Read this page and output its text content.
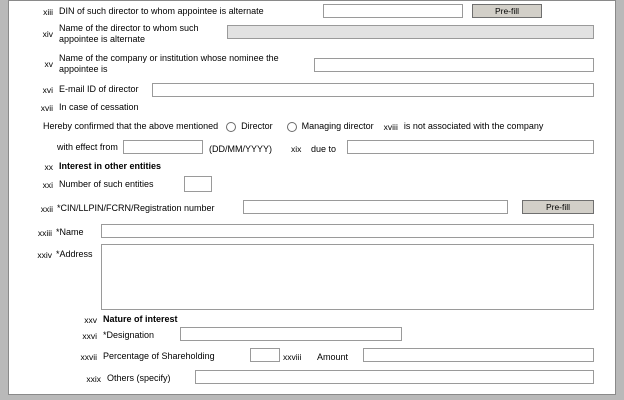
xiii DIN of such director to whom appointee is alternate	Pre-fill
xiv
Name of the director to whom such appointee is alternate
xv
Name of the company or institution whose nominee the appointee is
xvi E-mail ID of director
xvii In case of cessation
Hereby confirmed that the above mentioned	Director	Managing director xviii is not associated with the company
with effect from	(DD/MM/YYYY) xix due to
xx Interest in other entities
xxi Number of such entities
xxii *CIN/LLPIN/FCRN/Registration number	Pre-fill
xxiii *Name
xxiv *Address
xxv Nature of interest
xxvi *Designation
xxvii Percentage of Shareholding	xxviii Amount
xxix Others (specify)
